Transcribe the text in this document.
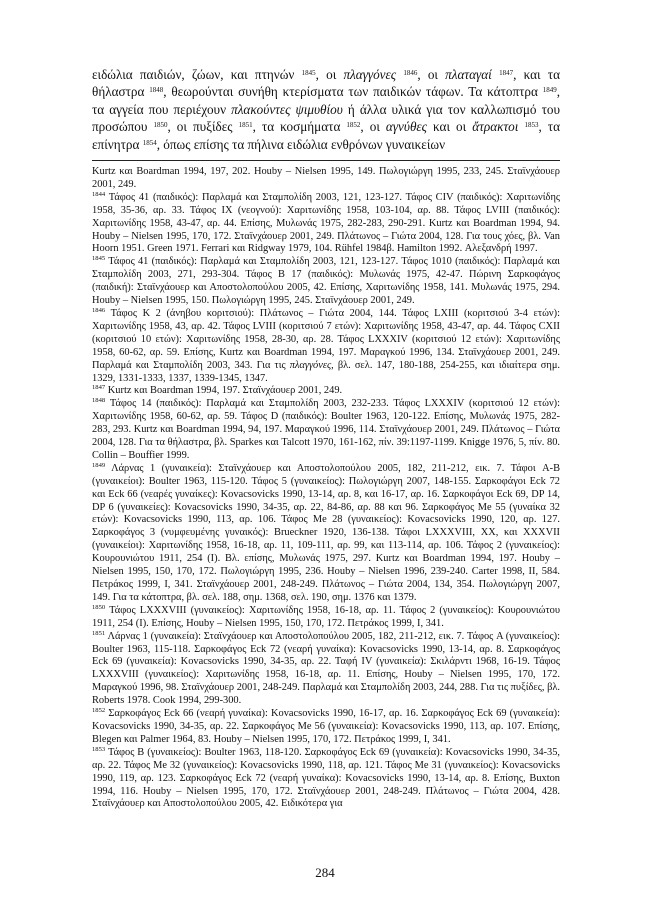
ειδώλια παιδιών, ζώων, και πτηνών $^{1845}$, οι πλαγγόνες $^{1846}$, οι πλαταγαί $^{1847}$, και τα θήλαστρα $^{1848}$, θεωρούνται συνήθη κτερίσματα των παιδικών τάφων. Τα κάτοπτρα $^{1849}$, τα αγγεία που περιέχουν πλακούντες ψιμυθίου ή άλλα υλικά για τον καλλωπισμό του προσώπου $^{1850}$, οι πυξίδες $^{1851}$, τα κοσμήματα $^{1852}$, οι αγνύθες και οι ἄτρακτοι $^{1853}$, τα επίνητρα $^{1854}$, όπως επίσης τα πήλινα ειδώλια ενθρόνων γυναικείων

Kurtz και Boardman 1994, 197, 202. Houby – Nielsen 1995, 149. Πωλογιώργη 1995, 233, 245. Σταϊνχάουερ 2001, 249.

$^{1844}$ Τάφος 41 (παιδικός): Παρλαμά και Σταμπολίδη 2003, 121, 123-127. Τάφος CIV (παιδικός): Χαριτωνίδης 1958, 35-36, αρ. 33. Τάφος IX (νεογνού): Χαριτωνίδης 1958, 103-104, αρ. 88. Τάφος LVIII (παιδικός): Χαριτωνίδης 1958, 43-47, αρ. 44. Επίσης, Μυλωνάς 1975, 282-283, 290-291. Kurtz και Boardman 1994, 94. Houby – Nielsen 1995, 170, 172. Σταϊνχάουερ 2001, 249. Πλάτωνος – Γιώτα 2004, 128. Για τους χόες, βλ. Van Hoorn 1951. Green 1971. Ferrari και Ridgway 1979, 104. Rühfel 1984β. Hamilton 1992. Αλεξανδρή 1997.

$^{1845}$ Τάφος 41 (παιδικός): Παρλαμά και Σταμπολίδη 2003, 121, 123-127. Τάφος 1010 (παιδικός): Παρλαμά και Σταμπολίδη 2003, 271, 293-304. Τάφος B 17 (παιδικός): Μυλωνάς 1975, 42-47. Πώρινη Σαρκοφάγος (παιδική): Σταϊνχάουερ και Αποστολοπούλου 2005, 42. Επίσης, Χαριτωνίδης 1958, 141. Μυλωνάς 1975, 294. Houby – Nielsen 1995, 150. Πωλογιώργη 1995, 245. Σταϊνχάουερ 2001, 249.

$^{1846}$ Τάφος K 2 (άνηβου κοριτσιού): Πλάτωνος – Γιώτα 2004, 144. Τάφος LXIII (κοριτσιού 3-4 ετών): Χαριτωνίδης 1958, 43, αρ. 42. Τάφος LVIII (κοριτσιού 7 ετών): Χαριτωνίδης 1958, 43-47, αρ. 44. Τάφος CXII (κοριτσιού 10 ετών): Χαριτωνίδης 1958, 28-30, αρ. 28. Τάφος LXXXIV (κοριτσιού 12 ετών): Χαριτωνίδης 1958, 60-62, αρ. 59. Επίσης, Kurtz και Boardman 1994, 197. Μαραγκού 1996, 134. Σταϊνχάουερ 2001, 249. Παρλαμά και Σταμπολίδη 2003, 343. Για τις πλαγγόνες, βλ. σελ. 147, 180-188, 254-255, και ιδιαίτερα σημ. 1329, 1331-1333, 1337, 1339-1345, 1347.

$^{1847}$ Kurtz και Boardman 1994, 197. Σταϊνχάουερ 2001, 249.

$^{1848}$ Τάφος 14 (παιδικός): Παρλαμά και Σταμπολίδη 2003, 232-233. Τάφος LXXXIV (κοριτσιού 12 ετών): Χαριτωνίδης 1958, 60-62, αρ. 59. Τάφος D (παιδικός): Boulter 1963, 120-122. Επίσης, Μυλωνάς 1975, 282-283, 293. Kurtz και Boardman 1994, 94, 197. Μαραγκού 1996, 114. Σταϊνχάουερ 2001, 249. Πλάτωνος – Γιώτα 2004, 128. Για τα θήλαστρα, βλ. Sparkes και Talcott 1970, 161-162, πίν. 39:1197-1199. Knigge 1976, 5, πίν. 80. Collin – Bouffier 1999.

$^{1849}$ Λάρνας 1 (γυναικεία): Σταϊνχάουερ και Αποστολοπούλου 2005, 182, 211-212, εικ. 7. Τάφοι A-B (γυναικείοι): Boulter 1963, 115-120. Τάφος 5 (γυναικείος): Πωλογιώργη 2007, 148-155. Σαρκοφάγοι Eck 72 και Eck 66 (νεαρές γυναίκες): Kovacsovicks 1990, 13-14, αρ. 8, και 16-17, αρ. 16. Σαρκοφάγοι Eck 69, DP 14, DP 6 (γυναικείες): Kovacsovicks 1990, 34-35, αρ. 22, 84-86, αρ. 88 και 96. Σαρκοφάγος Me 55 (γυναίκα 32 ετών): Kovacsovicks 1990, 113, αρ. 106. Τάφος Me 28 (γυναικείος): Kovacsovicks 1990, 120, αρ. 127. Σαρκοφάγος 3 (νυμφευμένης γυναικός): Brueckner 1920, 136-138. Τάφοι LXXXVIII, XX, και XXXVII (γυναικείοι): Χαριτωνίδης 1958, 16-18, αρ. 11, 109-111, αρ. 99, και 113-114, αρ. 106. Τάφος 2 (γυναικείος): Κουρουνιώτου 1911, 254 (Ι). Βλ. επίσης, Μυλωνάς 1975, 297. Kurtz και Boardman 1994, 197. Houby – Nielsen 1995, 150, 170, 172. Πωλογιώργη 1995, 236. Houby – Nielsen 1996, 239-240. Carter 1998, ΙΙ, 584. Πετράκος 1999, Ι, 341. Σταϊνχάουερ 2001, 248-249. Πλάτωνος – Γιώτα 2004, 134, 354. Πωλογιώργη 2007, 149. Για τα κάτοπτρα, βλ. σελ. 188, σημ. 1368, σελ. 190, σημ. 1376 και 1379.

$^{1850}$ Τάφος LXXXVIII (γυναικείος): Χαριτωνίδης 1958, 16-18, αρ. 11. Τάφος 2 (γυναικείος): Κουρουνιώτου 1911, 254 (Ι). Επίσης, Houby – Nielsen 1995, 150, 170, 172. Πετράκος 1999, Ι, 341.

$^{1851}$ Λάρνας 1 (γυναικεία): Σταϊνχάουερ και Αποστολοπούλου 2005, 182, 211-212, εικ. 7. Τάφος A (γυναικείος): Boulter 1963, 115-118. Σαρκοφάγος Eck 72 (νεαρή γυναίκα): Kovacsovicks 1990, 13-14, αρ. 8. Σαρκοφάγος Eck 69 (γυναικεία): Kovacsovicks 1990, 34-35, αρ. 22. Ταφή IV (γυναικεία): Σκιλάρντι 1968, 16-19. Τάφος LXXXVIII (γυναικείος): Χαριτωνίδης 1958, 16-18, αρ. 11. Επίσης, Houby – Nielsen 1995, 170, 172. Μαραγκού 1996, 98. Σταϊνχάουερ 2001, 248-249. Παρλαμά και Σταμπολίδη 2003, 244, 288. Για τις πυξίδες, βλ. Roberts 1978. Cook 1994, 299-300.

$^{1852}$ Σαρκοφάγος Eck 66 (νεαρή γυναίκα): Kovacsovicks 1990, 16-17, αρ. 16. Σαρκοφάγος Eck 69 (γυναικεία): Kovacsovicks 1990, 34-35, αρ. 22. Σαρκοφάγος Me 56 (γυναικεία): Kovacsovicks 1990, 113, αρ. 107. Επίσης, Blegen και Palmer 1964, 83. Houby – Nielsen 1995, 170, 172. Πετράκος 1999, Ι, 341.

$^{1853}$ Τάφος B (γυναικείος): Boulter 1963, 118-120. Σαρκοφάγος Eck 69 (γυναικεία): Kovacsovicks 1990, 34-35, αρ. 22. Τάφος Me 32 (γυναικείος): Kovacsovicks 1990, 118, αρ. 121. Τάφος Me 31 (γυναικείος): Kovacsovicks 1990, 119, αρ. 123. Σαρκοφάγος Eck 72 (νεαρή γυναίκα): Kovacsovicks 1990, 13-14, αρ. 8. Επίσης, Buxton 1994, 116. Houby – Nielsen 1995, 170, 172. Σταϊνχάουερ 2001, 248-249. Πλάτωνος – Γιώτα 2004, 428. Σταϊνχάουερ και Αποστολοπούλου 2005, 42. Ειδικότερα για

284
